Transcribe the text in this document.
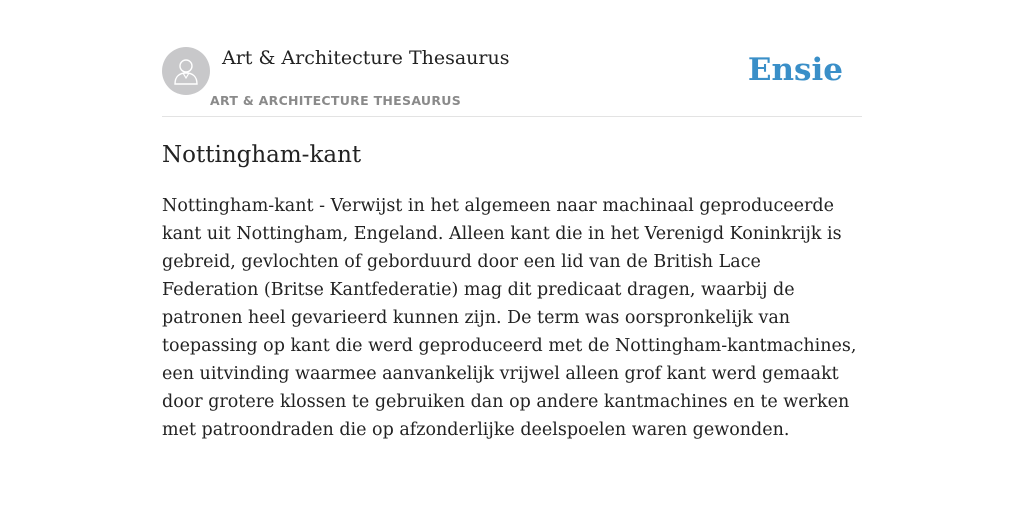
Art & Architecture Thesaurus
ART & ARCHITECTURE THESAURUS
Ensie
Nottingham-kant

Nottingham-kant - Verwijst in het algemeen naar machinaal geproduceerde kant uit Nottingham, Engeland. Alleen kant die in het Verenigd Koninkrijk is gebreid, gevlochten of geborduurd door een lid van de British Lace Federation (Britse Kantfederatie) mag dit predicaat dragen, waarbij de patronen heel gevarieerd kunnen zijn. De term was oorspronkelijk van toepassing op kant die werd geproduceerd met de Nottingham-kantmachines, een uitvinding waarmee aanvankelijk vrijwel alleen grof kant werd gemaakt door grotere klossen te gebruiken dan op andere kantmachines en te werken met patroondraden die op afzonderlijke deelspoelen waren gewonden.
